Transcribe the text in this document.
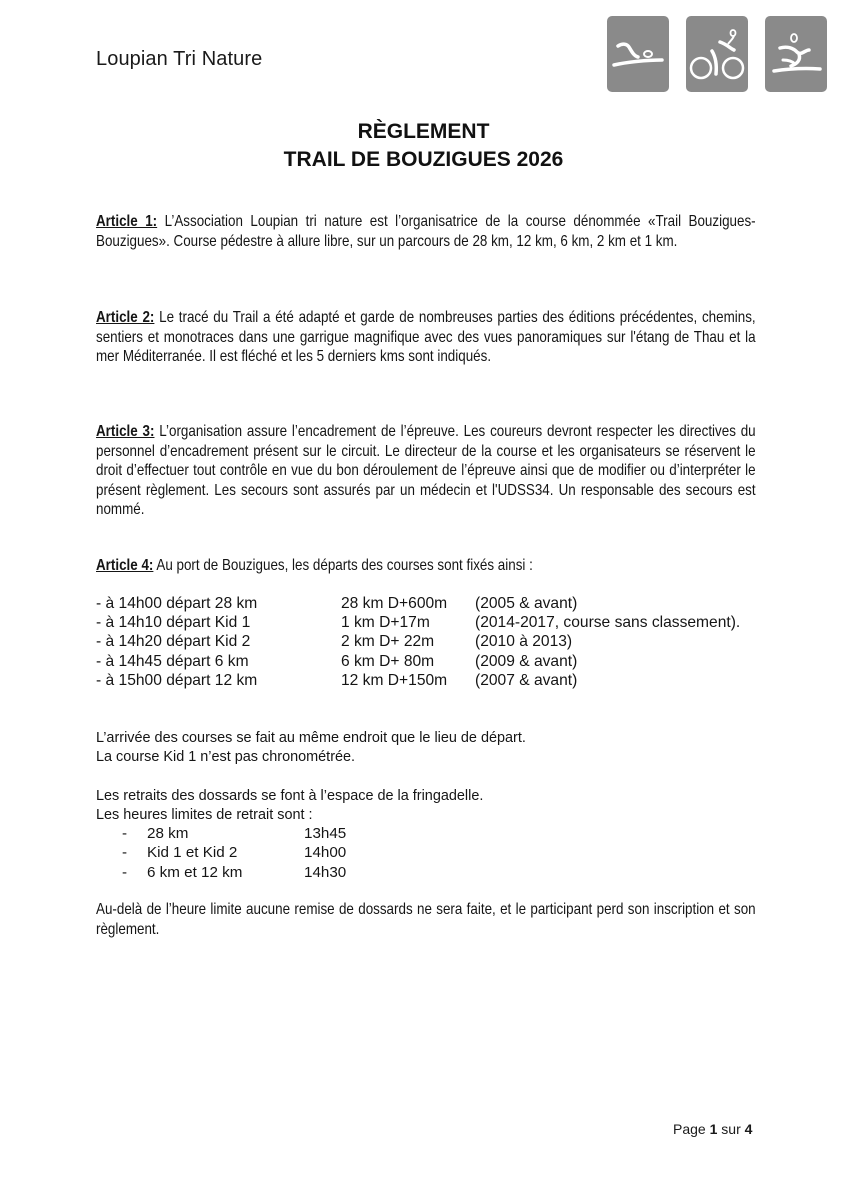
Loupian Tri Nature
RÈGLEMENT
TRAIL DE BOUZIGUES 2026

Article 1: L’Association Loupian tri nature est l’organisatrice de la course dénommée «Trail Bouzigues-Bouzigues». Course pédestre à allure libre, sur un parcours de 28 km, 12 km, 6 km, 2 km et 1 km.

Article 2: Le tracé du Trail a été adapté et garde de nombreuses parties des éditions précédentes, chemins, sentiers et monotraces dans une garrigue magnifique avec des vues panoramiques sur l'étang de Thau et la mer Méditerranée. Il est fléché et les 5 derniers kms sont indiqués.

Article 3: L’organisation assure l’encadrement de l’épreuve. Les coureurs devront respecter les directives du personnel d’encadrement présent sur le circuit. Le directeur de la course et les organisateurs se réservent le droit d’effectuer tout contrôle en vue du bon déroulement de l’épreuve ainsi que de modifier ou d’interpréter le présent règlement. Les secours sont assurés par un médecin et l'UDSS34. Un responsable des secours est nommé.

Article 4: Au port de Bouzigues, les départs des courses sont fixés ainsi :

- à 14h00 départ 28 km	28 km D+600m (2005 & avant)
- à 14h10 départ Kid 1	1 km D+17m	(2014-2017, course sans classement).
- à 14h20 départ Kid 2	2 km D+ 22m	(2010 à 2013)
- à 14h45 départ 6 km	6 km D+ 80m	(2009 & avant)
- à 15h00 départ 12 km	12 km D+150m (2007 & avant)
L’arrivée des courses se fait au même endroit que le lieu de départ.
La course Kid 1 n’est pas chronométrée.
Les retraits des dossards se font à l’espace de la fringadelle.
Les heures limites de retrait sont :
- 28 km	13h45
- Kid 1 et Kid 2	14h00
- 6 km et 12 km	14h30

Au-delà de l’heure limite aucune remise de dossards ne sera faite, et le participant perd son inscription et son règlement.

Page 1 sur 4
